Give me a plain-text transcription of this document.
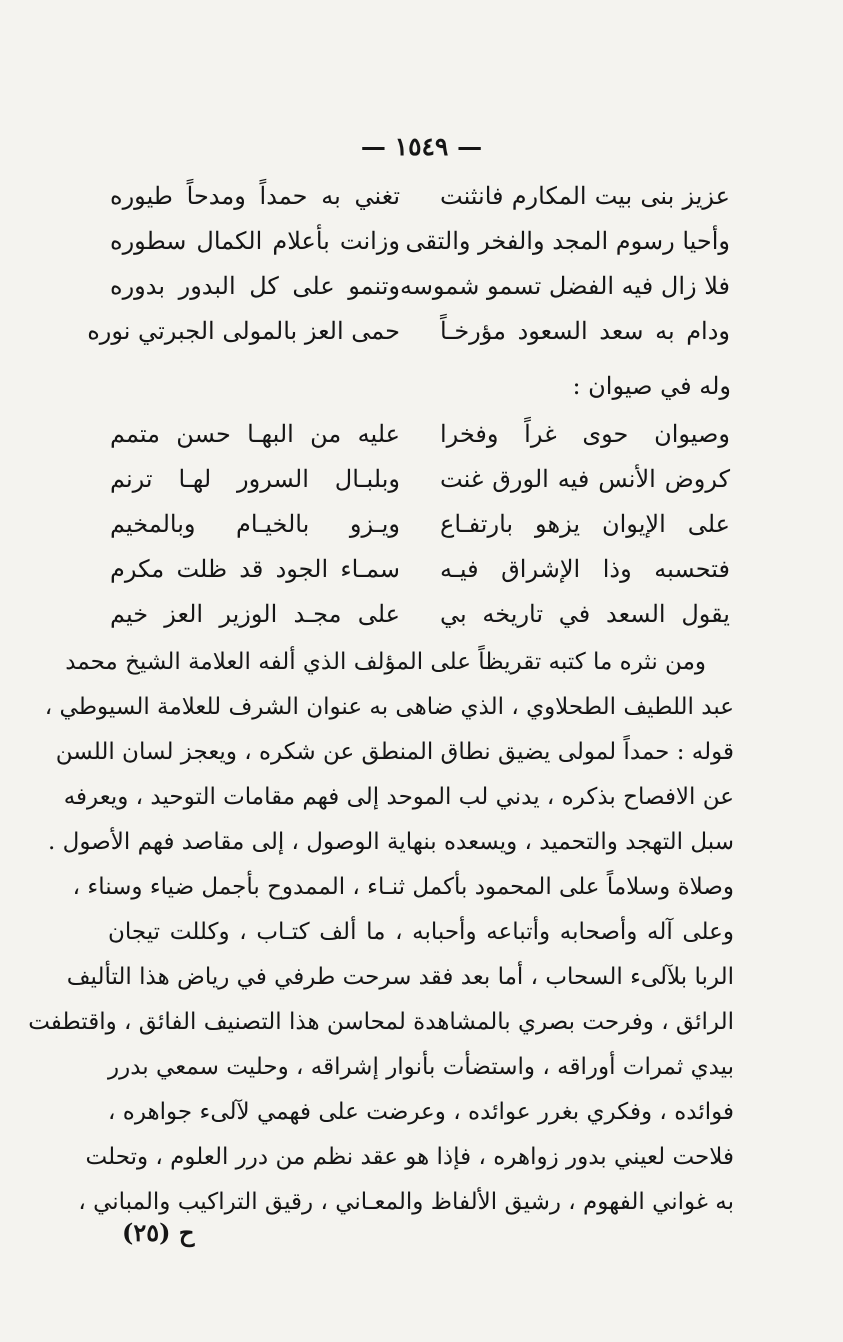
— ١٥٤٩ —
عزيز بنى بيت المكارم فانثنت
تغني به حمداً ومدحاً طيوره
وأحيا رسوم المجد والفخر والتقى
وزانت بأعلام الكمال سطوره
فلا زال فيه الفضل تسمو شموسه
وتنمو على كل البدور بدوره
ودام به سعد السعود مؤرخـاً
حمى العز بالمولى الجبرتي نوره
وله في صيوان :
وصيوان حوى غراً وفخرا
عليه من البهـا حسن متمم
كروض الأنس فيه الورق غنت
وبلبـال السرور لهـا ترنم
على الإيوان يزهو بارتفـاع
ويـزو بالخيـام وبالمخيم
فتحسبه وذا الإشراق فيـه
سمـاء الجود قد ظلت مكرم
يقول السعد في تاريخه بي
على مجـد الوزير العز خيم
ومن نثره ما كتبه تقريظاً على المؤلف الذي ألفه العلامة الشيخ محمد
عبد اللطيف الطحلاوي ، الذي ضاهى به عنوان الشرف للعلامة السيوطي ،
قوله : حمداً لمولى يضيق نطاق المنطق عن شكره ، ويعجز لسان اللسن
عن الافصاح بذكره ، يدني لب الموحد إلى فهم مقامات التوحيد ، ويعرفه
سبل التهجد والتحميد ، ويسعده بنهاية الوصول ، إلى مقاصد فهم الأصول .
وصلاة وسلاماً على المحمود بأكمل ثنـاء ، الممدوح بأجمل ضياء وسناء ،
وعلى آله وأصحابه وأتباعه وأحبابه ، ما ألف كتـاب ، وكللت تيجان
الربا بلآلىء السحاب ، أما بعد فقد سرحت طرفي في رياض هذا التأليف
الرائق ، وفرحت بصري بالمشاهدة لمحاسن هذا التصنيف الفائق ، واقتطفت
بيدي ثمرات أوراقه ، واستضأت بأنوار إشراقه ، وحليت سمعي بدرر
فوائده ، وفكري بغرر عوائده ، وعرضت على فهمي لآلىء جواهره ،
فلاحت لعيني بدور زواهره ، فإذا هو عقد نظم من درر العلوم ، وتحلت
به غواني الفهوم ، رشيق الألفاظ والمعـاني ، رقيق التراكيب والمباني ،
ح (٢٥)
